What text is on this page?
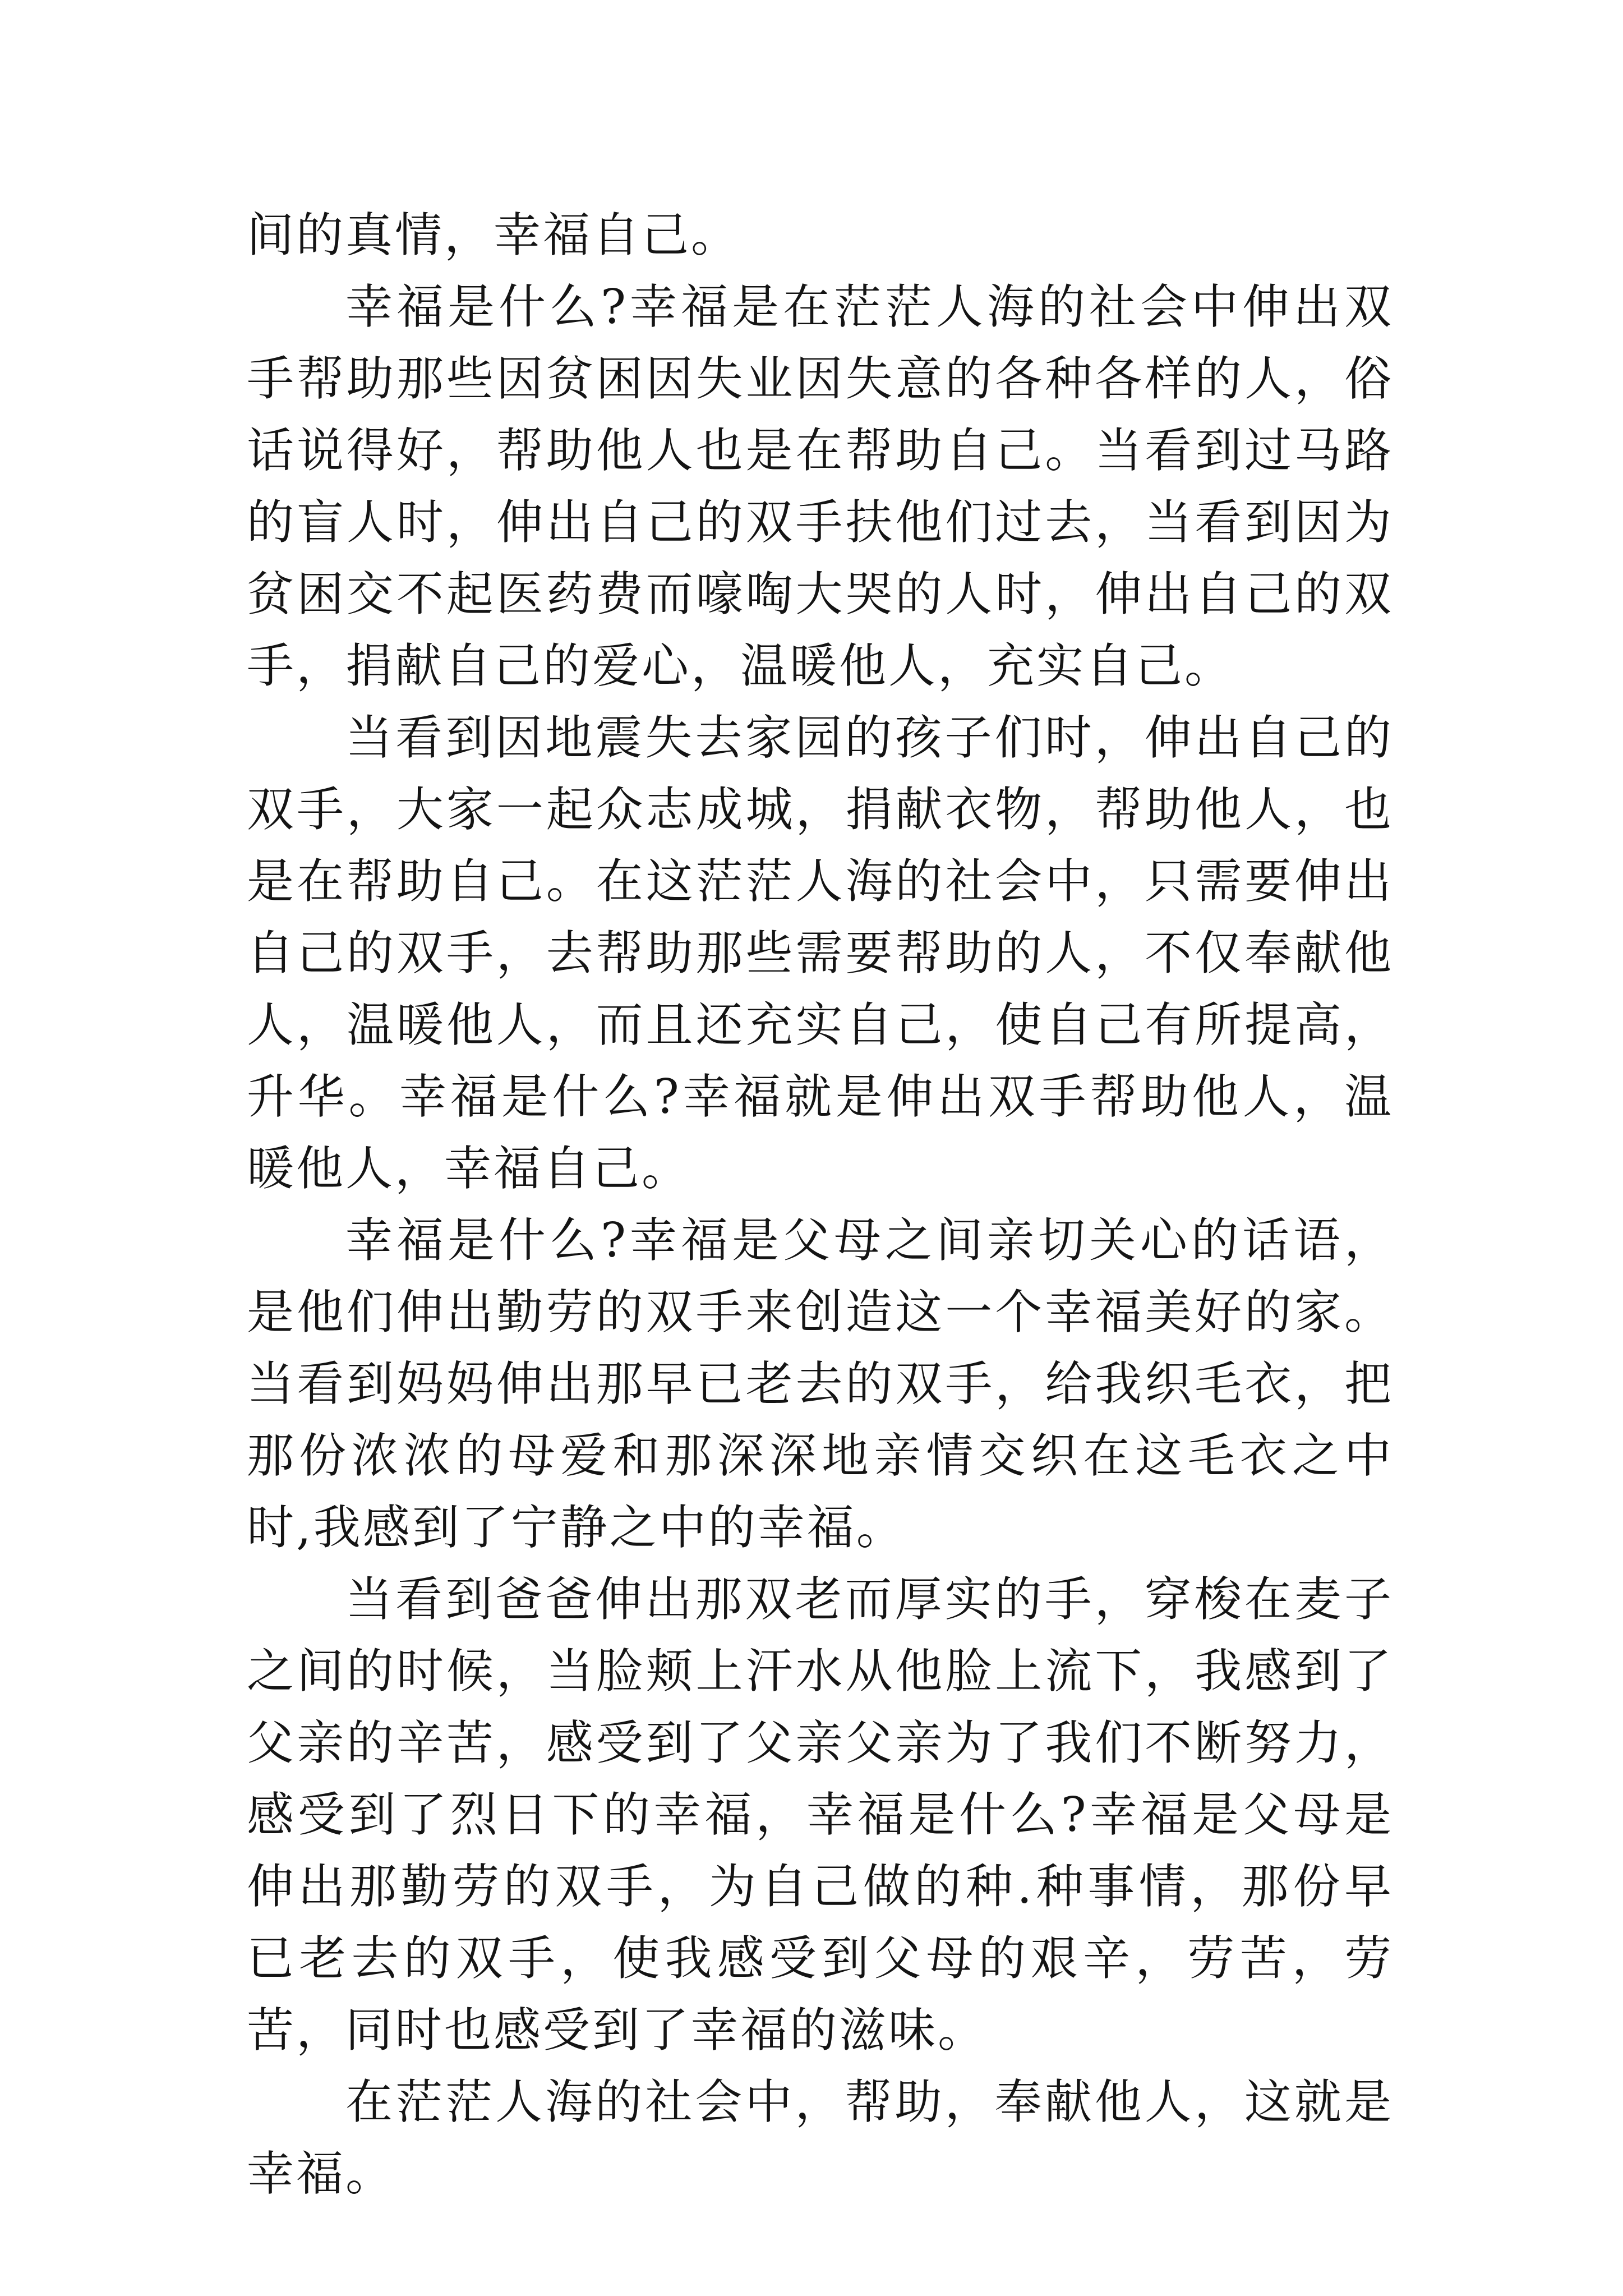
间的真情，幸福自己。

幸福是什么?幸福是在茫茫人海的社会中伸出双手帮助那些因贫困因失业因失意的各种各样的人，俗话说得好，帮助他人也是在帮助自己。当看到过马路的盲人时，伸出自己的双手扶他们过去，当看到因为贫困交不起医药费而嚎啕大哭的人时，伸出自己的双手，捐献自己的爱心，温暖他人，充实自己。

当看到因地震失去家园的孩子们时，伸出自己的双手，大家一起众志成城，捐献衣物，帮助他人，也是在帮助自己。在这茫茫人海的社会中，只需要伸出自己的双手，去帮助那些需要帮助的人，不仅奉献他人，温暖他人，而且还充实自己，使自己有所提高，升华。幸福是什么?幸福就是伸出双手帮助他人，温暖他人，幸福自己。

幸福是什么?幸福是父母之间亲切关心的话语，是他们伸出勤劳的双手来创造这一个幸福美好的家。当看到妈妈伸出那早已老去的双手，给我织毛衣，把那份浓浓的母爱和那深深地亲情交织在这毛衣之中时,我感到了宁静之中的幸福。

当看到爸爸伸出那双老而厚实的手，穿梭在麦子之间的时候，当脸颊上汗水从他脸上流下，我感到了父亲的辛苦，感受到了父亲父亲为了我们不断努力，感受到了烈日下的幸福，幸福是什么?幸福是父母是伸出那勤劳的双手，为自己做的种.种事情，那份早已老去的双手，使我感受到父母的艰辛，劳苦，劳苦，同时也感受到了幸福的滋味。

在茫茫人海的社会中，帮助，奉献他人，这就是幸福。
